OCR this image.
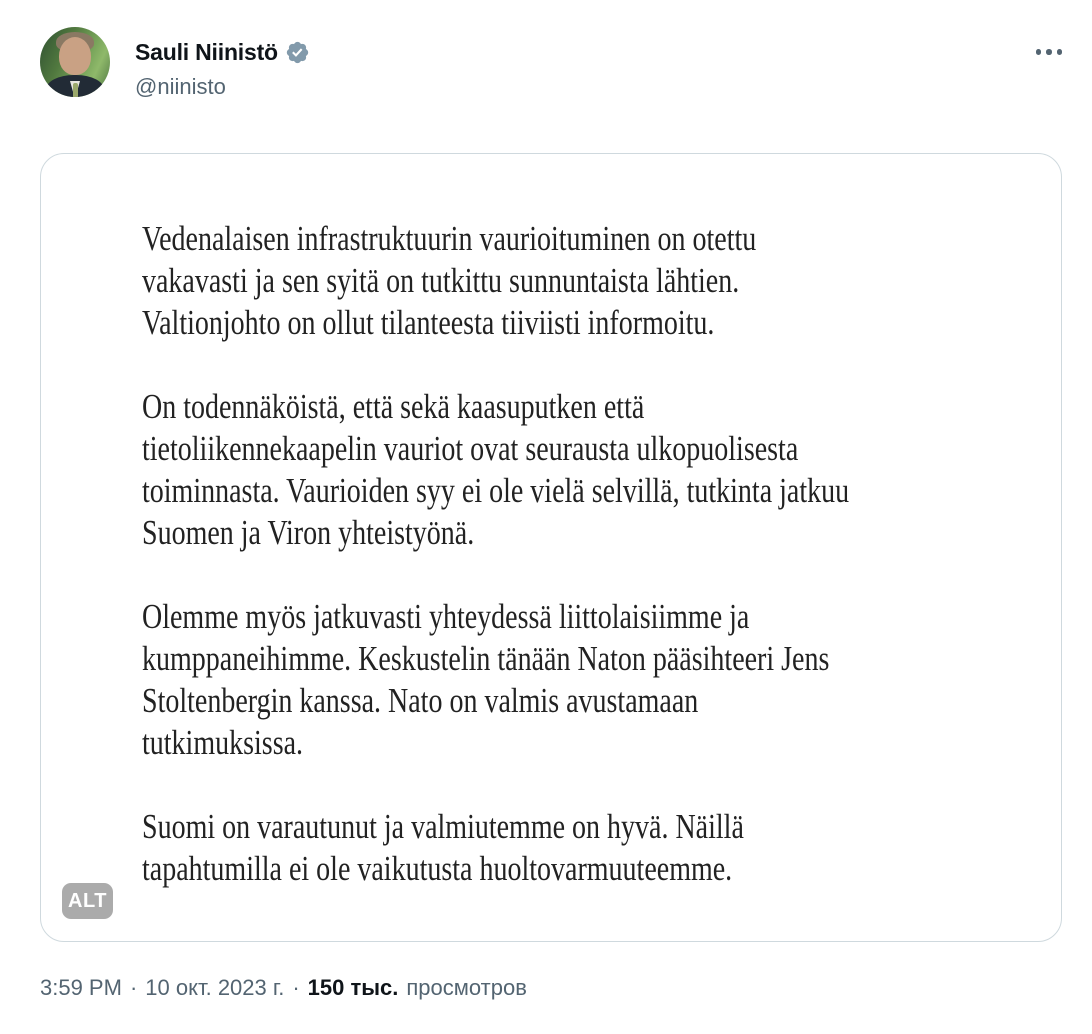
Sauli Niinistö
@niinisto
Vedenalaisen infrastruktuurin vaurioituminen on otettu
vakavasti ja sen syitä on tutkittu sunnuntaista lähtien.
Valtionjohto on ollut tilanteesta tiiviisti informoitu.
On todennäköistä, että sekä kaasuputken että
tietoliikennekaapelin vauriot ovat seurausta ulkopuolisesta
toiminnasta. Vaurioiden syy ei ole vielä selvillä, tutkinta jatkuu
Suomen ja Viron yhteistyönä.
Olemme myös jatkuvasti yhteydessä liittolaisiimme ja
kumppaneihimme. Keskustelin tänään Naton pääsihteeri Jens
Stoltenbergin kanssa. Nato on valmis avustamaan
tutkimuksissa.
Suomi on varautunut ja valmiutemme on hyvä. Näillä
tapahtumilla ei ole vaikutusta huoltovarmuuteemme.
ALT
3:59 PM · 10 окт. 2023 г. · 150 тыс. просмотров
